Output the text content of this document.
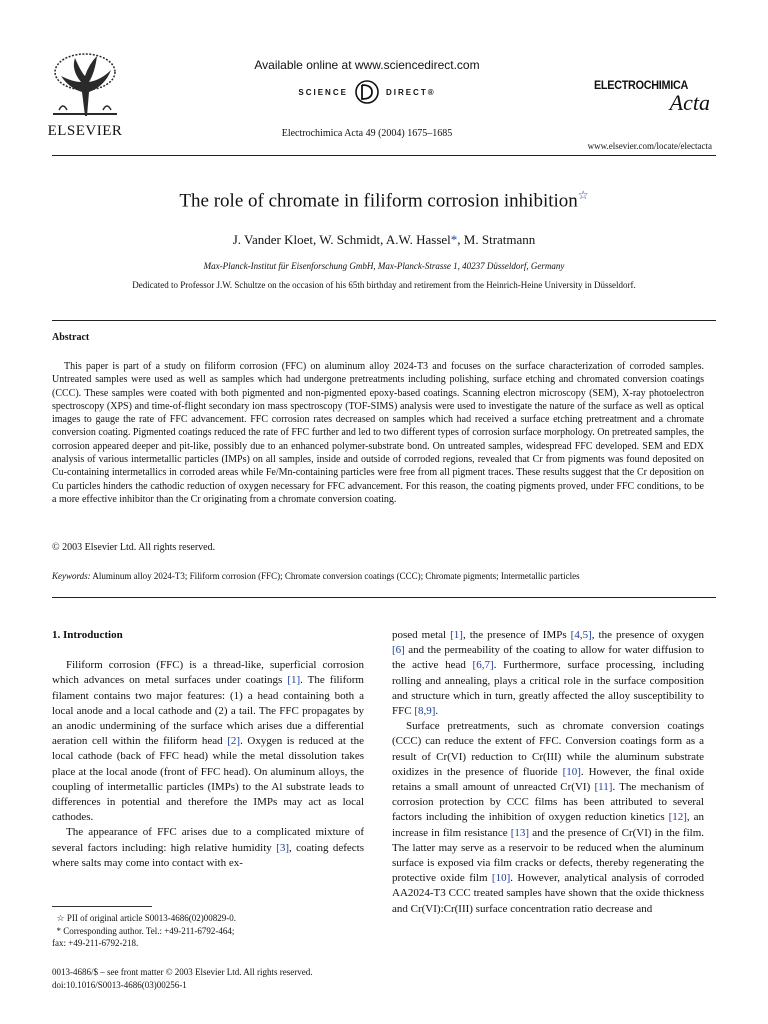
ELSEVIER
Available online at www.sciencedirect.com
SCIENCE	DIRECT®
Electrochimica Acta 49 (2004) 1675–1685
ELECTROCHIMICA
Acta
www.elsevier.com/locate/electacta
The role of chromate in filiform corrosion inhibition☆
J. Vander Kloet, W. Schmidt, A.W. Hassel*, M. Stratmann
Max-Planck-Institut für Eisenforschung GmbH, Max-Planck-Strasse 1, 40237 Düsseldorf, Germany
Dedicated to Professor J.W. Schultze on the occasion of his 65th birthday and retirement from the Heinrich-Heine University in Düsseldorf.
Abstract

This paper is part of a study on filiform corrosion (FFC) on aluminum alloy 2024-T3 and focuses on the surface characterization of corroded samples. Untreated samples were used as well as samples which had undergone pretreatments including polishing, surface etching and chromated conversion coatings (CCC). These samples were coated with both pigmented and non-pigmented epoxy-based coatings. Scanning electron microscopy (SEM), X-ray photoelectron spectroscopy (XPS) and time-of-flight secondary ion mass spectroscopy (TOF-SIMS) analysis were used to investigate the nature of the surface as well as optical images to gauge the rate of FFC advancement. FFC corrosion rates decreased on samples which had received a surface etching pretreatment and a chromate conversion coating. Pigmented coatings reduced the rate of FFC further and led to two different types of corrosion surface morphology. On pretreated samples, the corrosion appeared deeper and pit-like, possibly due to an enhanced polymer-substrate bond. On untreated samples, widespread FFC developed. SEM and EDX analysis of various intermetallic particles (IMPs) on all samples, inside and outside of corroded regions, revealed that Cr from pigments was found deposited on Cu-containing intermetallics in corroded areas while Fe/Mn-containing particles were free from all pigment traces. These results suggest that the Cr deposition on Cu particles hinders the cathodic reduction of oxygen necessary for FFC advancement. For this reason, the coating pigments proved, under FFC conditions, to be a more effective inhibitor than the Cr originating from a chromate conversion coating.

© 2003 Elsevier Ltd. All rights reserved.
Keywords: Aluminum alloy 2024-T3; Filiform corrosion (FFC); Chromate conversion coatings (CCC); Chromate pigments; Intermetallic particles

1. Introduction

Filiform corrosion (FFC) is a thread-like, superficial corrosion which advances on metal surfaces under coatings [1]. The filiform filament contains two major features: (1) a head containing both a local anode and a local cathode and (2) a tail. The FFC propagates by an anodic undermining of the surface which arises due a differential aeration cell within the filiform head [2]. Oxygen is reduced at the local cathode (back of FFC head) while the metal dissolution takes place at the local anode (front of FFC head). On aluminum alloys, the coupling of intermetallic particles (IMPs) to the Al substrate leads to differences in potential and therefore the IMPs may act as local cathodes.

The appearance of FFC arises due to a complicated mixture of several factors including: high relative humidity [3], coating defects where salts may come into contact with ex-

posed metal [1], the presence of IMPs [4,5], the presence of oxygen [6] and the permeability of the coating to allow for water diffusion to the active head [6,7]. Furthermore, surface processing, including rolling and annealing, plays a critical role in the surface composition and structure which in turn, greatly affected the alloy susceptibility to FFC [8,9].

Surface pretreatments, such as chromate conversion coatings (CCC) can reduce the extent of FFC. Conversion coatings form as a result of Cr(VI) reduction to Cr(III) while the aluminum substrate oxidizes in the presence of fluoride [10]. However, the final oxide retains a small amount of unreacted Cr(VI) [11]. The mechanism of corrosion protection by CCC films has been attributed to several factors including the inhibition of oxygen reduction kinetics [12], an increase in film resistance [13] and the presence of Cr(VI) in the film. The latter may serve as a reservoir to be reduced when the aluminum surface is exposed via film cracks or defects, thereby regenerating the protective oxide film [10]. However, analytical analysis of corroded AA2024-T3 CCC treated samples have shown that the oxide thickness and Cr(VI):Cr(III) surface concentration ratio decrease and

☆ PII of original article S0013-4686(02)00829-0.

* Corresponding author. Tel.: +49-211-6792-464;

fax: +49-211-6792-218.

0013-4686/$ – see front matter © 2003 Elsevier Ltd. All rights reserved.
doi:10.1016/S0013-4686(03)00256-1
